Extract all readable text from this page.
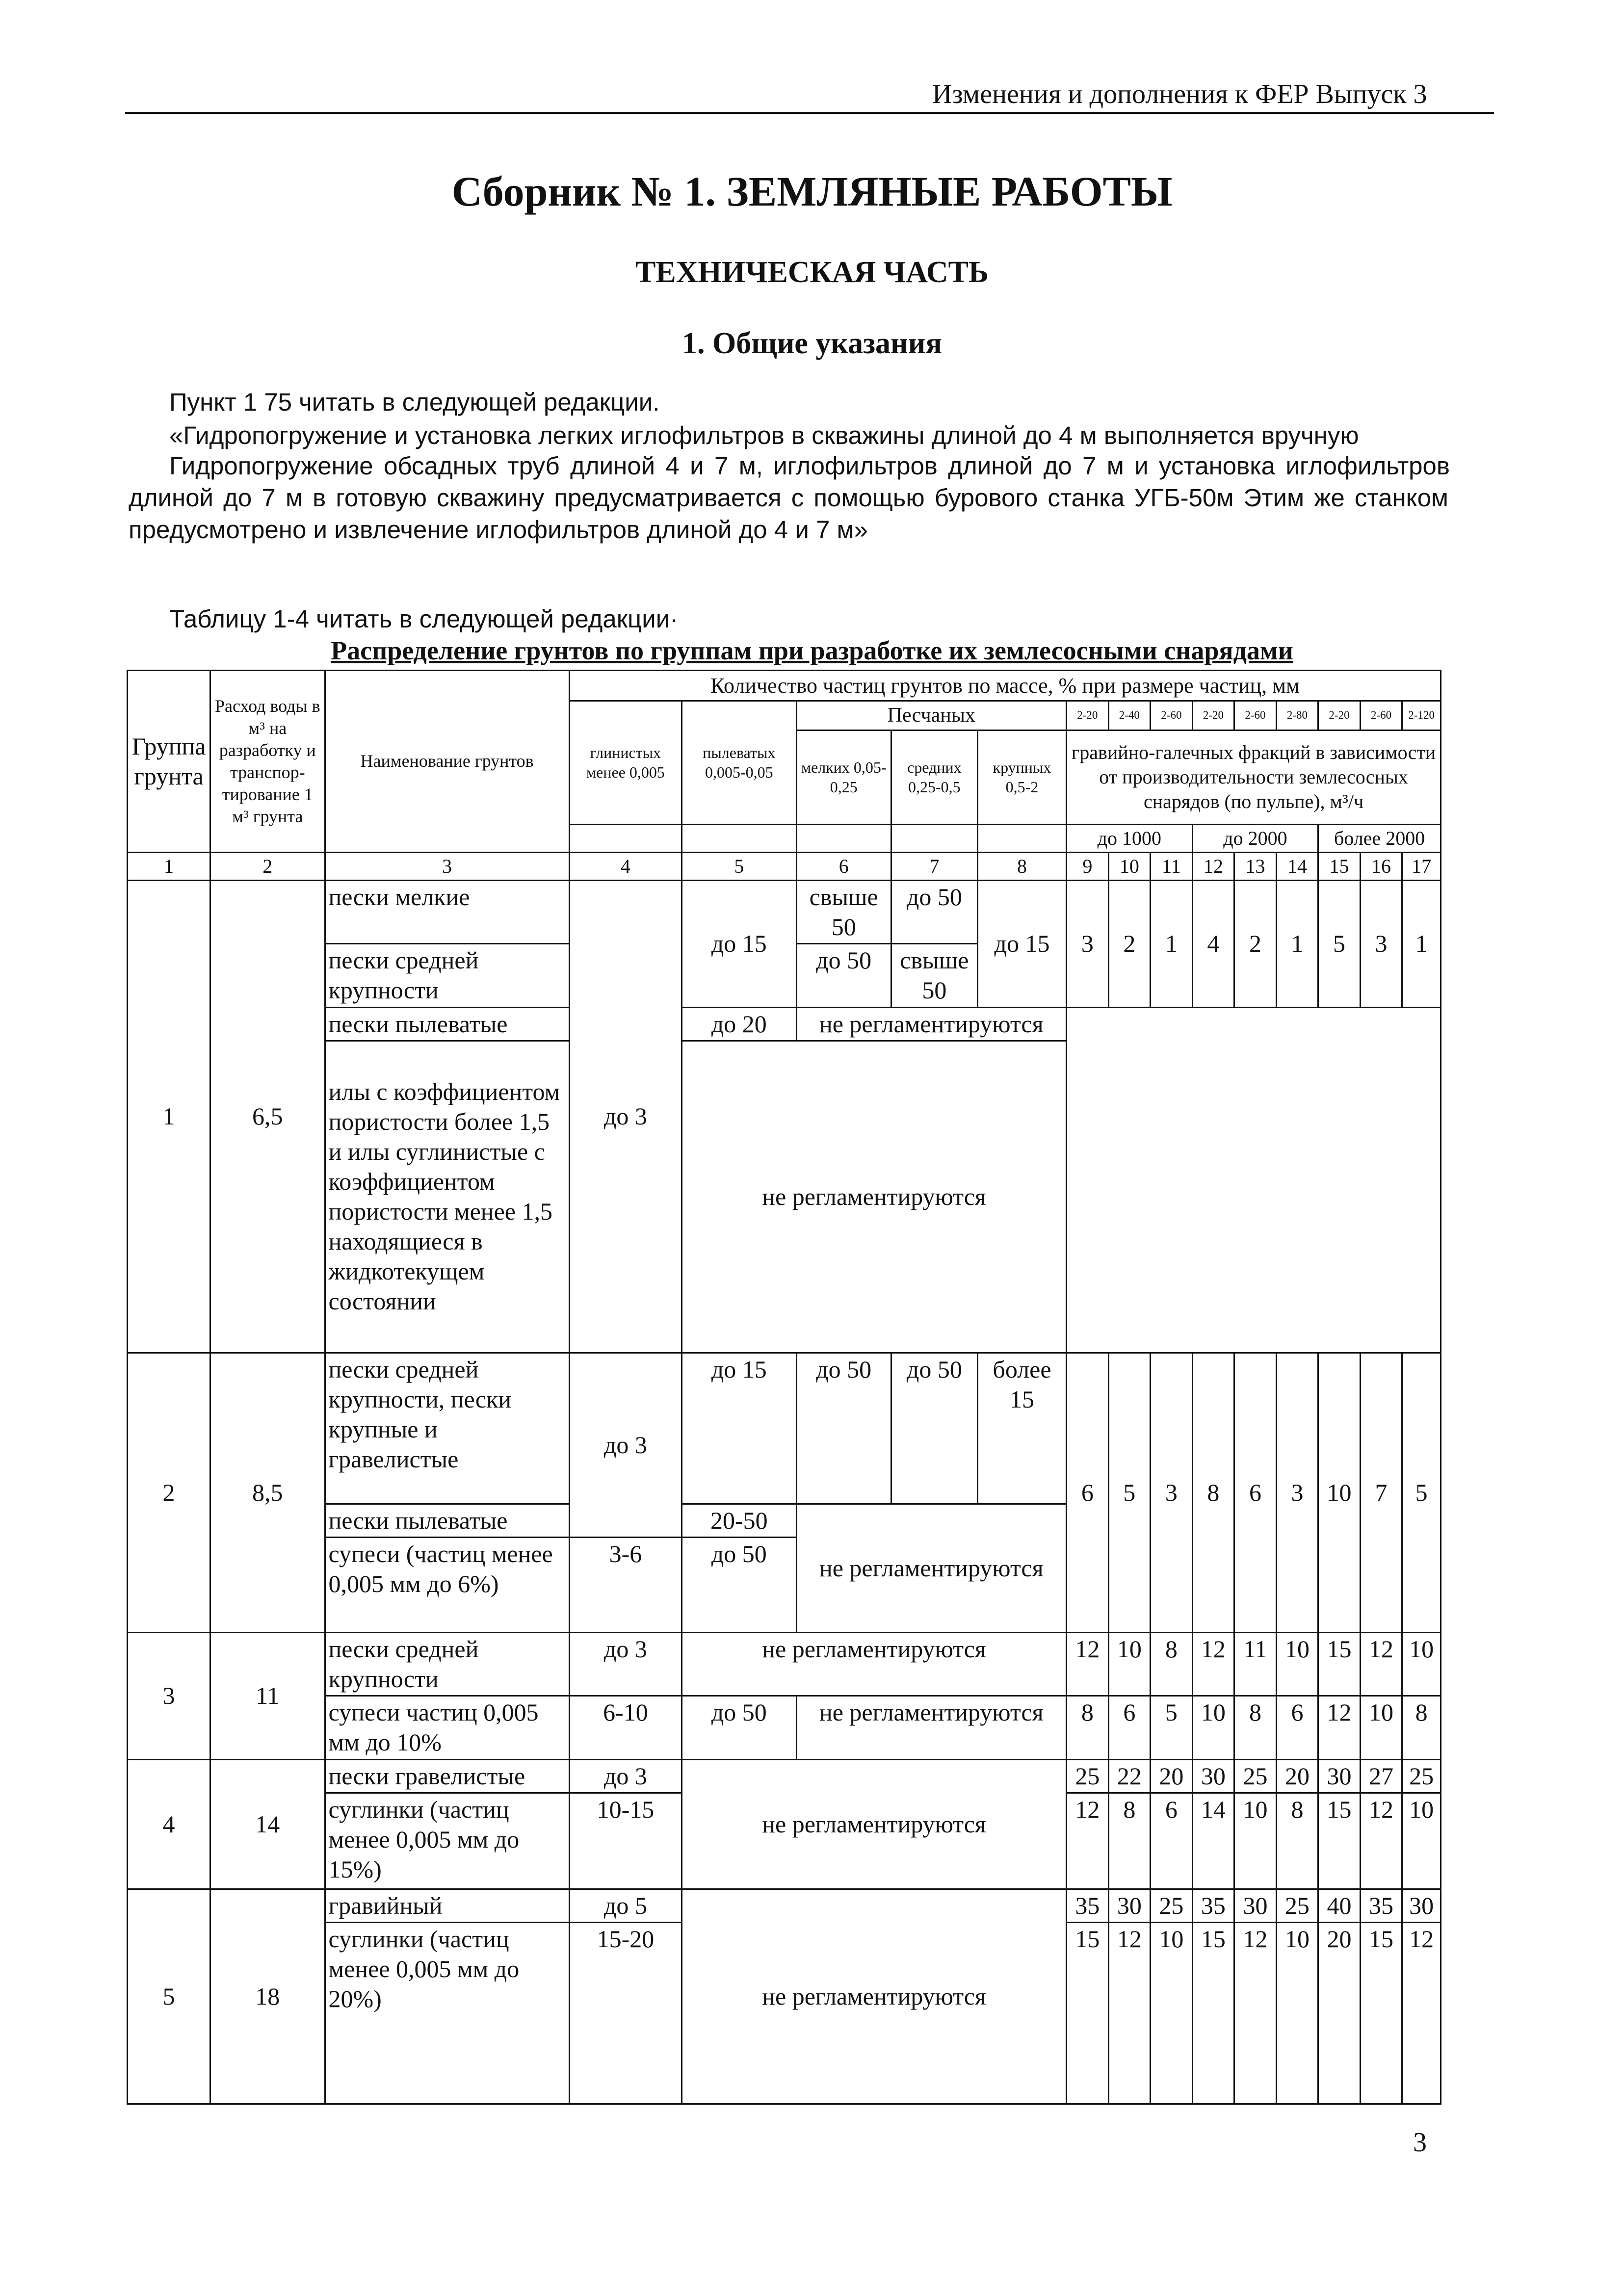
Изменения и дополнения к ФЕР Выпуск 3
Сборник № 1. ЗЕМЛЯНЫЕ РАБОТЫ
ТЕХНИЧЕСКАЯ ЧАСТЬ
1. Общие указания
Пункт 1 75 читать в следующей редакции.
«Гидропогружение и установка легких иглофильтров в скважины длиной до 4 м выполняется вручную
Гидропогружение обсадных труб длиной 4 и 7 м, иглофильтров длиной до 7 м и установка иглофильтров
длиной до 7 м в готовую скважину предусматривается с помощью бурового станка УГБ-50м Этим же станком
предусмотрено и извлечение иглофильтров длиной до 4 и 7 м»
Таблицу 1-4 читать в следующей редакции·
Распределение грунтов по группам при разработке их землесосными снарядами
Группа грунта	Расход воды в м³ на разработку и транспор-тирование 1 м³ грунта	Наименование грунтов	Количество частиц грунтов по массе, % при размере частиц, мм													
			глинистых менее 0,005	пылеватых 0,005-0,05	Песчаных			2-20	2-40	2-60	2-20	2-60	2-80	2-20	2-60	2-120
					мелких 0,05-0,25	средних 0,25-0,5	крупных 0,5-2	гравийно-галечных фракций в зависимости от производительности землесосных снарядов (по пульпе), м³/ч								

								до 1000			до 2000			более 2000		
1	2	3	4	5	6	7	8	9	10	11	12	13	14	15	16	17
1	6,5	пески мелкие	до 3	до 15	свыше 50	до 50	до 15	3	2	1	4	2	1	5	3	1
		пески средней крупности			до 50	свыше 50										
		пески пылеватые		до 20	не регламентируются											
		илы с коэффициентом пористости более 1,5 и илы суглинистые с коэффициентом пористости менее 1,5 находящиеся в жидкотекущем состоянии		не регламентируются												
2	8,5	пески средней крупности, пески крупные и гравелистые	до 3	до 15	до 50	до 50	более 15	6	5	3	8	6	3	10	7	5
		пески пылеватые		20-50	не регламентируются											
		супеси (частиц менее 0,005 мм до 6%)	3-6	до 50												
3	11	пески средней крупности	до 3	не регламентируются				12	10	8	12	11	10	15	12	10
		супеси частиц 0,005 мм до 10%	6-10	до 50	не регламентируются			8	6	5	10	8	6	12	10	8
4	14	пески гравелистые	до 3	не регламентируются				25	22	20	30	25	20	30	27	25
		суглинки (частиц менее 0,005 мм до 15%)	10-15					12	8	6	14	10	8	15	12	10
5	18	гравийный	до 5	не регламентируются				35	30	25	35	30	25	40	35	30
		суглинки (частиц менее 0,005 мм до 20%)	15-20					15	12	10	15	12	10	20	15	12
3
